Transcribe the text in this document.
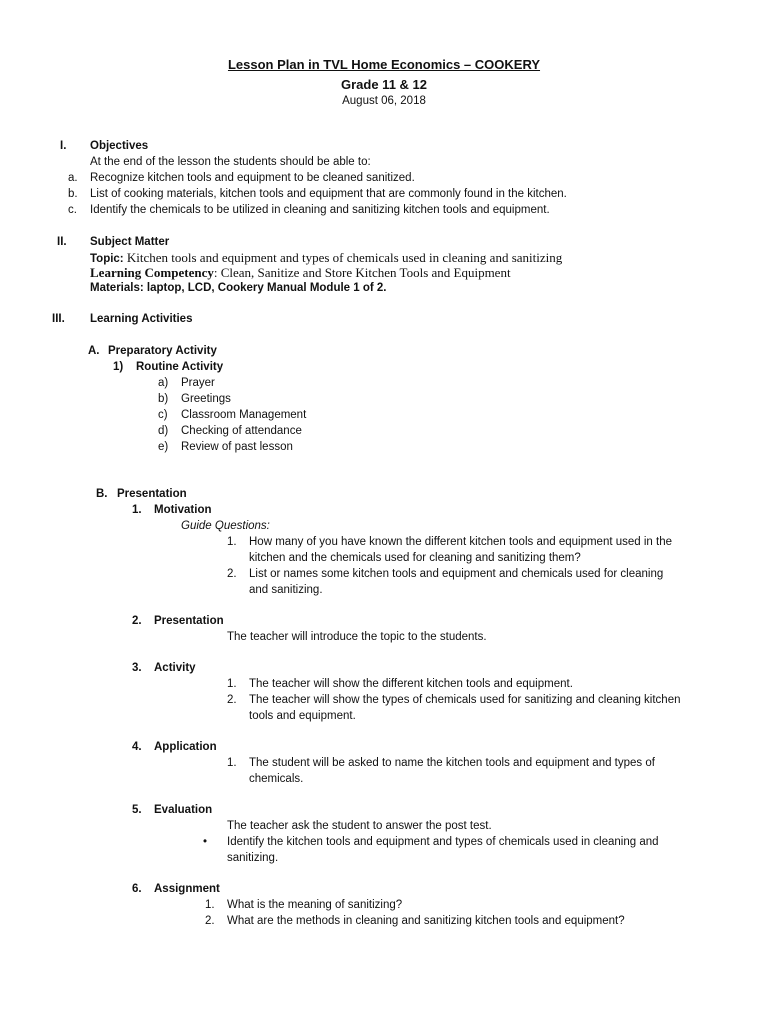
Lesson Plan in TVL Home Economics – COOKERY
Grade 11 & 12
August 06, 2018
I. Objectives
At the end of the lesson the students should be able to:
a. Recognize kitchen tools and equipment to be cleaned sanitized.
b. List of cooking materials, kitchen tools and equipment that are commonly found in the kitchen.
c. Identify the chemicals to be utilized in cleaning and sanitizing kitchen tools and equipment.
II. Subject Matter
Topic: Kitchen tools and equipment and types of chemicals used in cleaning and sanitizing
Learning Competency: Clean, Sanitize and Store Kitchen Tools and Equipment
Materials: laptop, LCD, Cookery Manual Module 1 of 2.
III. Learning Activities
A. Preparatory Activity
1) Routine Activity
a) Prayer
b) Greetings
c) Classroom Management
d) Checking of attendance
e) Review of past lesson
B. Presentation
1. Motivation
Guide Questions:
1. How many of you have known the different kitchen tools and equipment used in the
kitchen and the chemicals used for cleaning and sanitizing them?
2. List or names some kitchen tools and equipment and chemicals used for cleaning
and sanitizing.
2. Presentation
The teacher will introduce the topic to the students.
3. Activity
1. The teacher will show the different kitchen tools and equipment.
2. The teacher will show the types of chemicals used for sanitizing and cleaning kitchen
tools and equipment.
4. Application
1. The student will be asked to name the kitchen tools and equipment and types of
chemicals.
5. Evaluation
The teacher ask the student to answer the post test.
• Identify the kitchen tools and equipment and types of chemicals used in cleaning and
sanitizing.
6. Assignment
1. What is the meaning of sanitizing?
2. What are the methods in cleaning and sanitizing kitchen tools and equipment?
